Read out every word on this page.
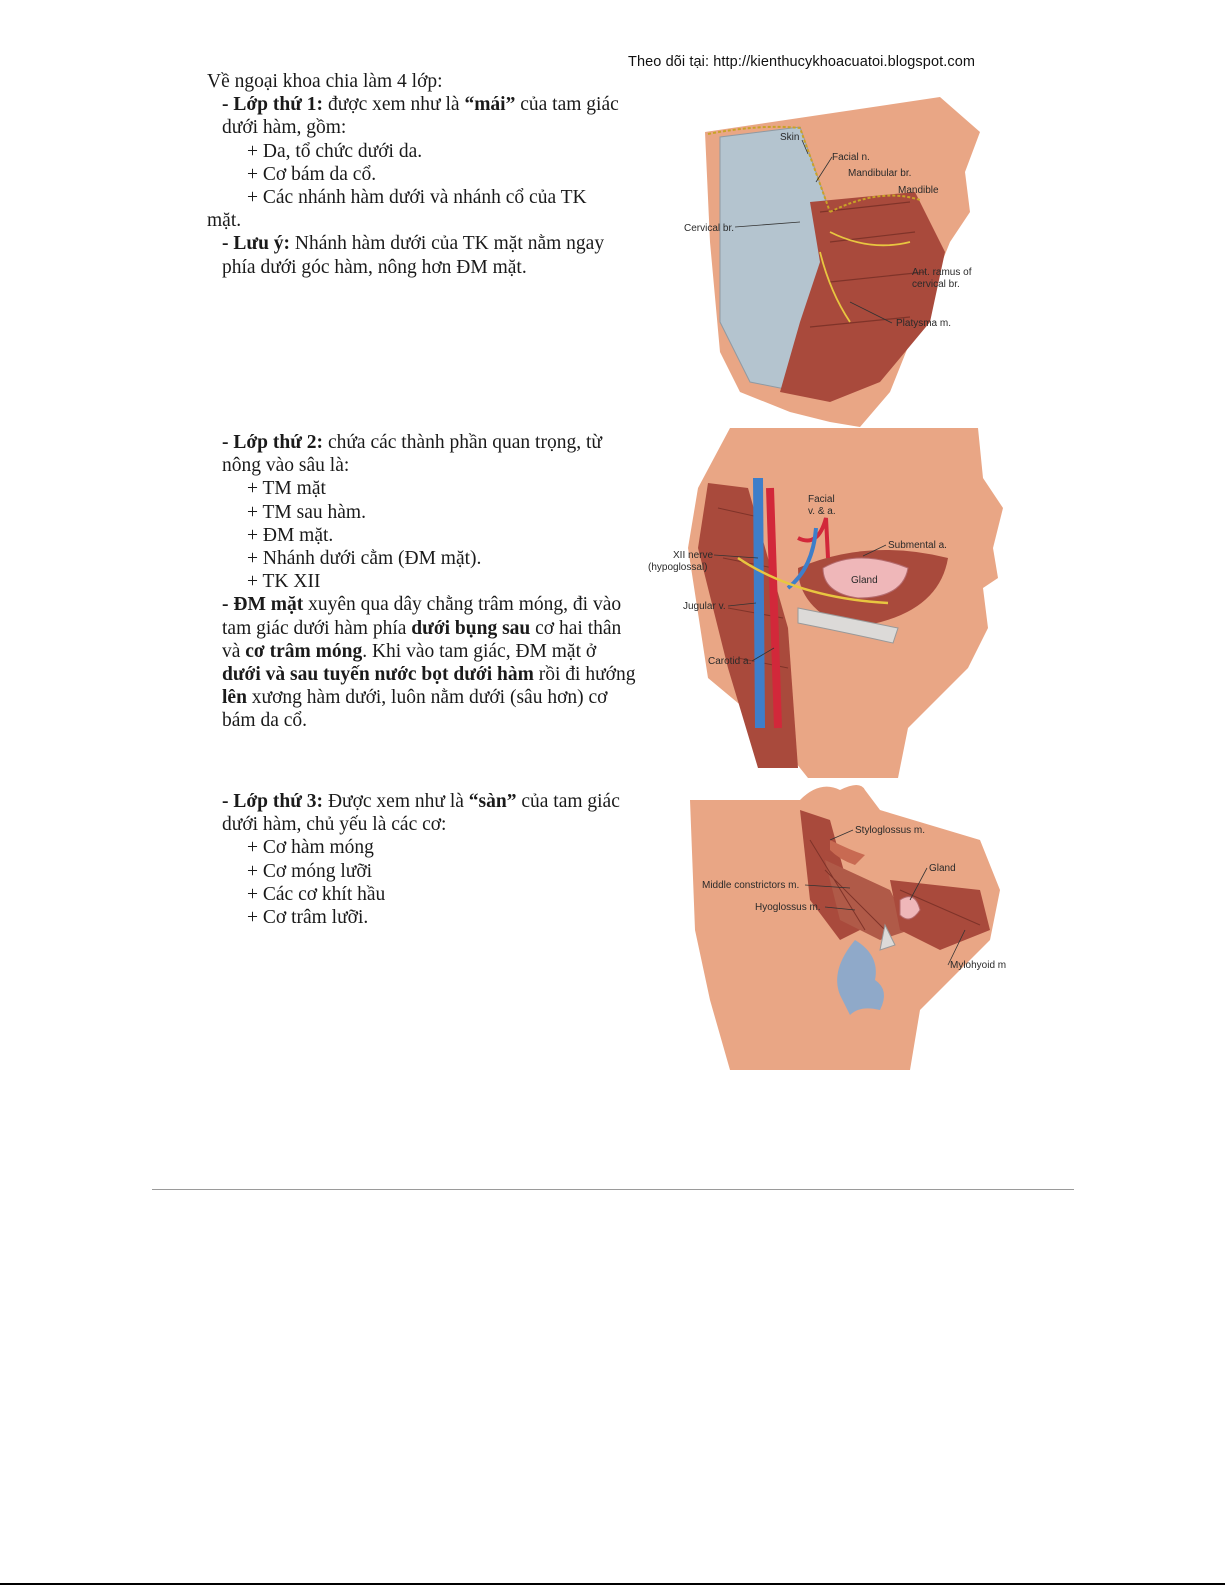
Theo dõi tại: http://kienthucykhoacuatoi.blogspot.com

Về ngoại khoa chia làm 4 lớp:

- Lớp thứ 1: được xem như là “mái” của tam giác dưới hàm, gồm:

+ Da, tổ chức dưới da.

+ Cơ bám da cổ.

+ Các nhánh hàm dưới và nhánh cổ của TK

mặt.

- Lưu ý: Nhánh hàm dưới của TK mặt nằm ngay phía dưới góc hàm, nông hơn ĐM mặt.

- Lớp thứ 2: chứa các thành phần quan trọng, từ nông vào sâu là:

+ TM mặt

+ TM sau hàm.

+ ĐM mặt.

+ Nhánh dưới cằm (ĐM mặt).

+ TK XII

- ĐM mặt xuyên qua dây chằng trâm móng, đi vào tam giác dưới hàm phía dưới bụng sau cơ hai thân và cơ trâm móng. Khi vào tam giác, ĐM mặt ở dưới và sau tuyến nước bọt dưới hàm rồi đi hướng lên xương hàm dưới, luôn nằm dưới (sâu hơn) cơ bám da cổ.

- Lớp thứ 3: Được xem như là “sàn” của tam giác dưới hàm, chủ yếu là các cơ:

+ Cơ hàm móng

+ Cơ móng lưỡi

+ Các cơ khít hầu

+ Cơ trâm lưỡi.

Skin
Facial n.
Mandibular br.
Mandible
Cervical br.
Ant. ramus of
cervical br.
Platysma m.
Facial
v. & a.
Submental a.
XII nerve
(hypoglossal)
Gland
Jugular v.
Carotid a.
Styloglossus m.
Gland
Middle constrictors m.
Hyoglossus m.
Mylohyoid m
